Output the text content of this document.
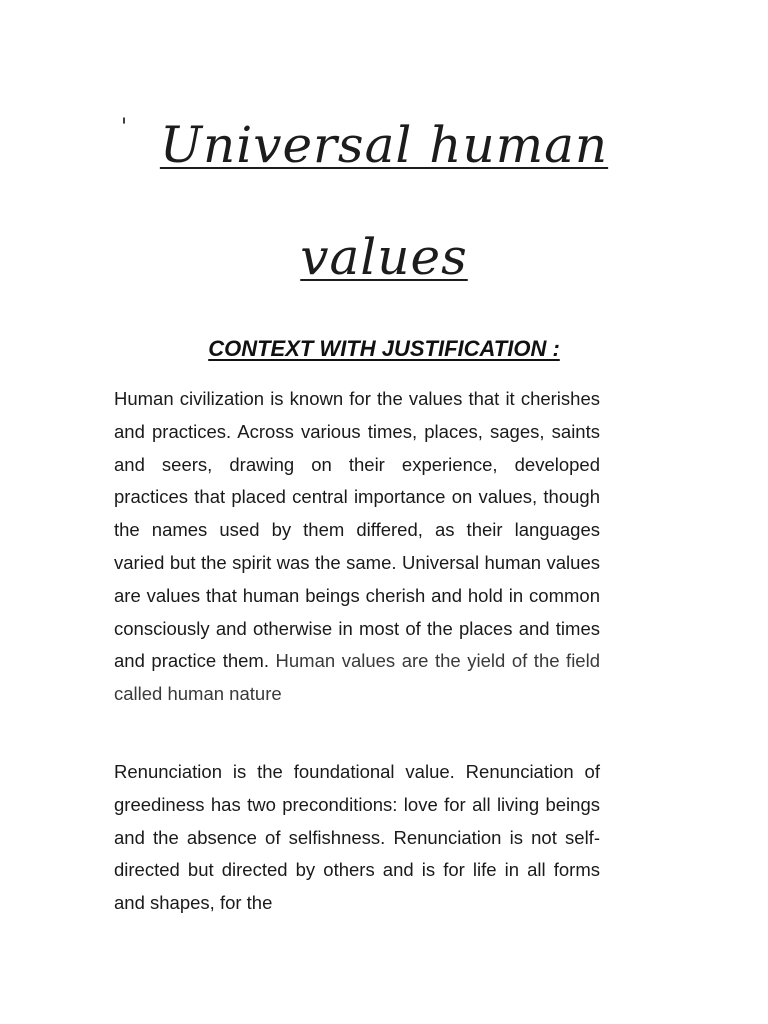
' Universal human
values
CONTEXT WITH JUSTIFICATION :

Human civilization is known for the values that it cherishes and practices. Across various times, places, sages, saints and seers, drawing on their experience, developed practices that placed central importance on values, though the names used by them differed, as their languages varied but the spirit was the same. Universal human values are values that human beings cherish and hold in common consciously and otherwise in most of the places and times and practice them. Human values are the yield of the field called human nature

Renunciation is the foundational value. Renunciation of greediness has two preconditions: love for all living beings and the absence of selfishness. Renunciation is not self-directed but directed by others and is for life in all forms and shapes, for the
